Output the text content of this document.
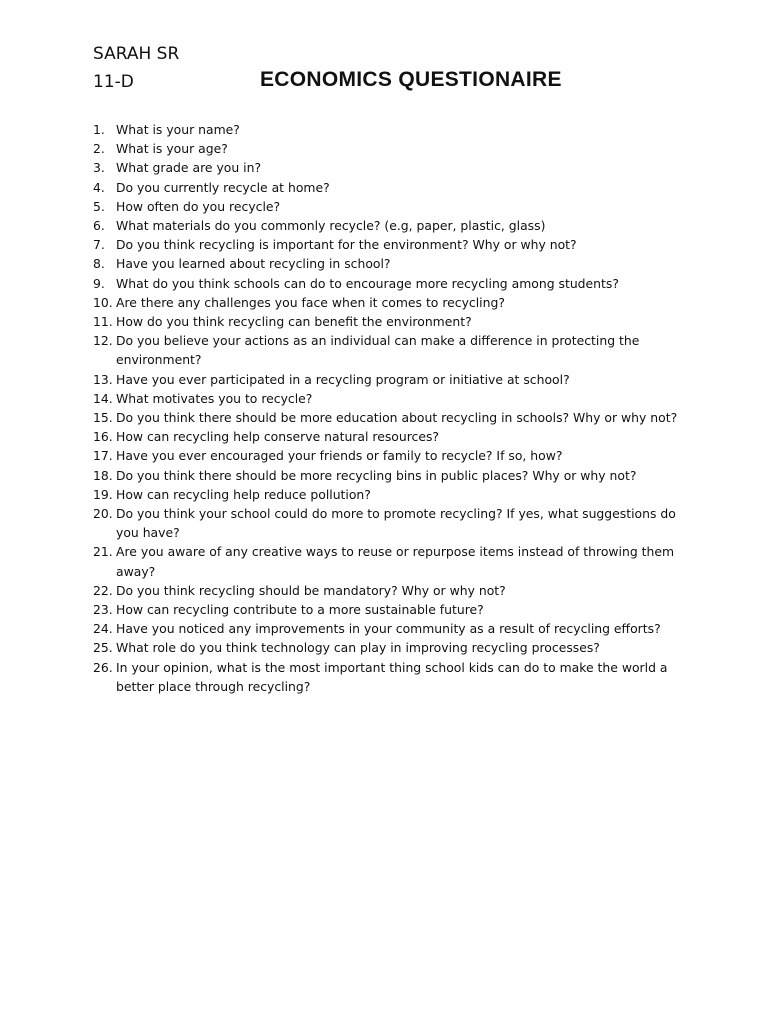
SARAH SR
11-D	ECONOMICS QUESTIONAIRE
1. What is your name?
2. What is your age?
3. What grade are you in?
4. Do you currently recycle at home?
5. How often do you recycle?
6. What materials do you commonly recycle? (e.g, paper, plastic, glass)
7. Do you think recycling is important for the environment? Why or why not?
8. Have you learned about recycling in school?
9. What do you think schools can do to encourage more recycling among students?
10. Are there any challenges you face when it comes to recycling?
11. How do you think recycling can benefit the environment?
12. Do you believe your actions as an individual can make a difference in protecting the environment?
13. Have you ever participated in a recycling program or initiative at school?
14. What motivates you to recycle?
15. Do you think there should be more education about recycling in schools? Why or why not?
16. How can recycling help conserve natural resources?
17. Have you ever encouraged your friends or family to recycle? If so, how?
18. Do you think there should be more recycling bins in public places? Why or why not?
19. How can recycling help reduce pollution?
20. Do you think your school could do more to promote recycling? If yes, what suggestions do you have?
21. Are you aware of any creative ways to reuse or repurpose items instead of throwing them away?
22. Do you think recycling should be mandatory? Why or why not?
23. How can recycling contribute to a more sustainable future?
24. Have you noticed any improvements in your community as a result of recycling efforts?
25. What role do you think technology can play in improving recycling processes?
26. In your opinion, what is the most important thing school kids can do to make the world a better place through recycling?
